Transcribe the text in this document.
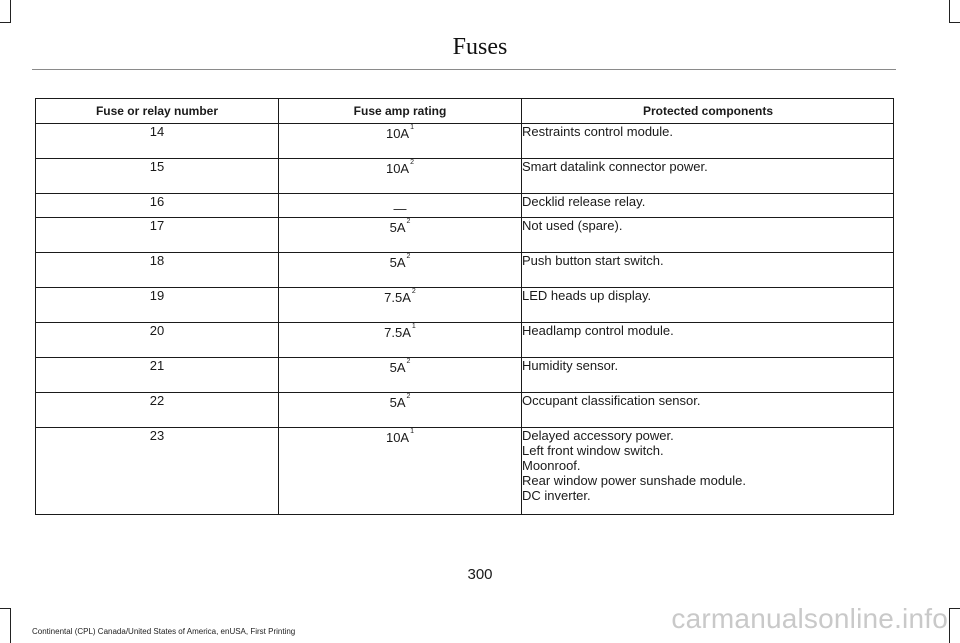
Fuses
Fuse or relay number	Fuse amp rating	Protected components
14	$10A^1$	Restraints control module.

15	$10A^2$	Smart datalink connector power.

16	—	Decklid release relay.

17	$5A^2$	Not used (spare).

18	$5A^2$	Push button start switch.

19	$7.5A^2$	LED heads up display.

20	$7.5A^1$	Headlamp control module.

21	$5A^2$	Humidity sensor.

22	$5A^2$	Occupant classification sensor.

23	$10A^1$	Delayed accessory power.
Left front window switch.
Moonroof.
Rear window power sunshade module.
DC inverter.
300
Continental (CPL) Canada/United States of America, enUSA, First Printing	carmanualsonline.info
